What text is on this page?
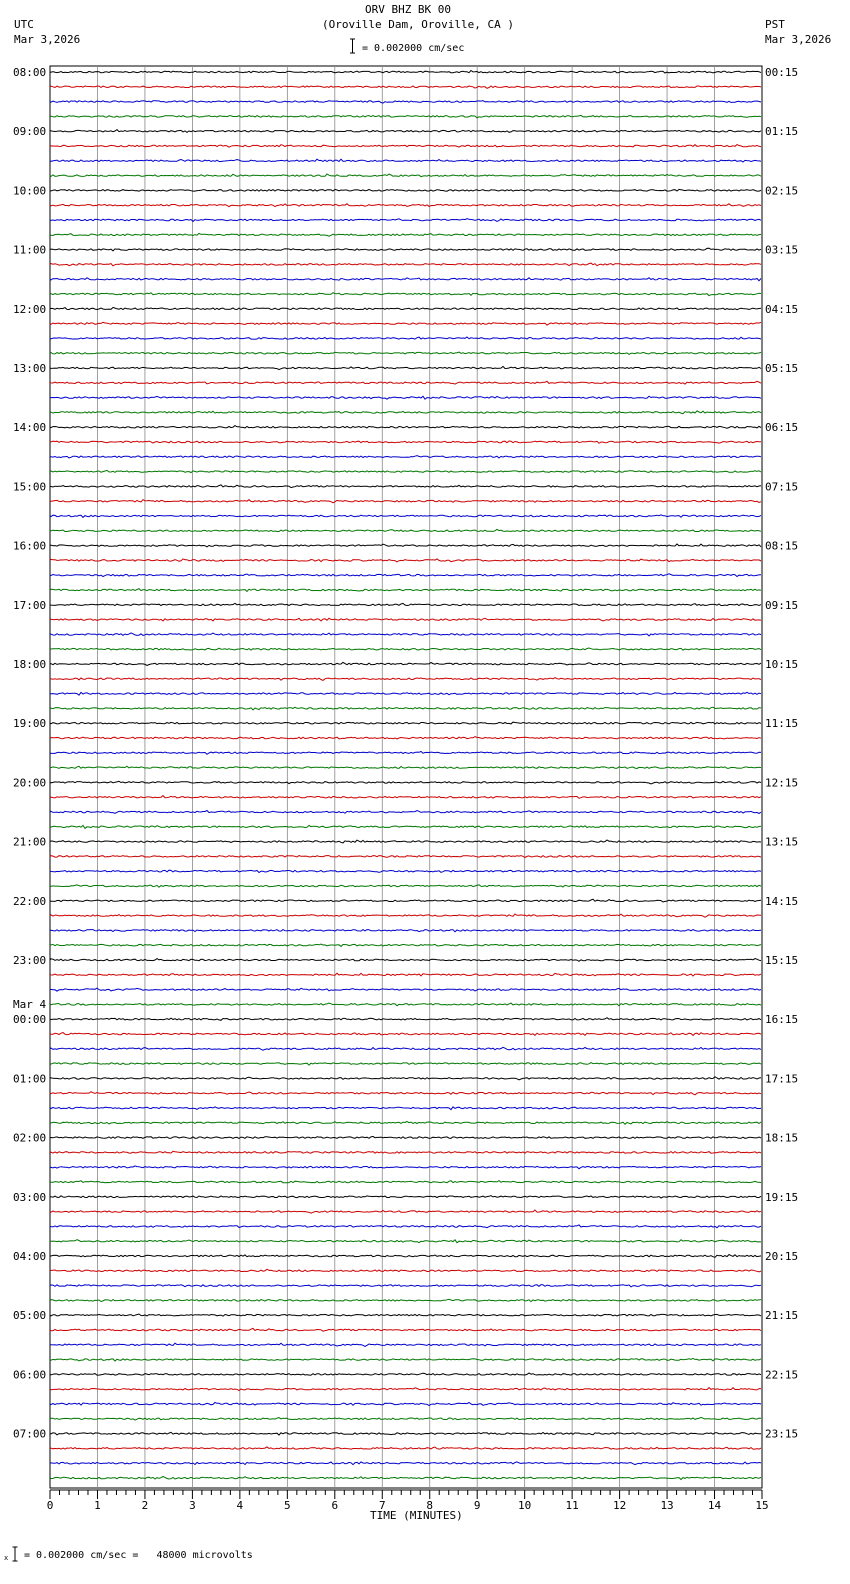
ORV BHZ BK 00
(Oroville Dam, Oroville, CA )
= 0.002000 cm/sec
UTC
Mar 3,2026
PST
Mar 3,2026
08:00
09:00
10:00
11:00
12:00
13:00
14:00
15:00
16:00
17:00
18:00
19:00
20:00
21:00
22:00
23:00
00:00
01:00
02:00
03:00
04:00
05:00
06:00
07:00
00:15
01:15
02:15
03:15
04:15
05:15
06:15
07:15
08:15
09:15
10:15
11:15
12:15
13:15
14:15
15:15
16:15
17:15
18:15
19:15
20:15
21:15
22:15
23:15
Mar 4
0	1	2	3	4	5	6	7	8	9	10	11	12	13	14	15
TIME (MINUTES)
x = 0.002000 cm/sec =   48000 microvolts
